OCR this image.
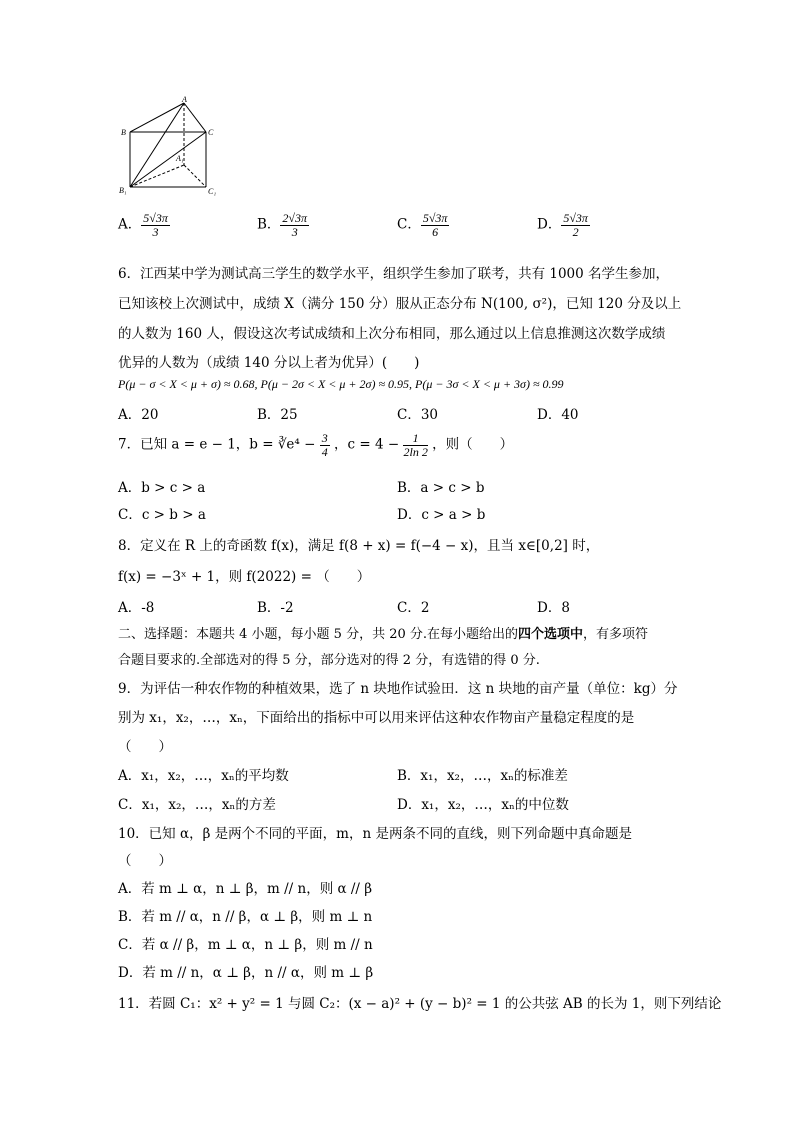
A
B	C
B₁
A₁
C₁
A． $\frac{5√3\pi}{3}$	B． $\frac{2√3\pi}{3}$	C． $\frac{5√3\pi}{6}$	D． $\frac{5√3\pi}{2}$
6．江西某中学为测试高三学生的数学水平，组织学生参加了联考，共有 1000 名学生参加，
已知该校上次测试中，成绩 X（满分 150 分）服从正态分布 N(100, σ²)，已知 120 分及以上
的人数为 160 人，假设这次考试成绩和上次分布相同，那么通过以上信息推测这次数学成绩
优异的人数为（成绩 140 分以上者为优异）(　　)
P(μ − σ < X < μ + σ) ≈ 0.68, P(μ − 2σ < X < μ + 2σ) ≈ 0.95, P(μ − 3σ < X < μ + 3σ) ≈ 0.99
A．20	B．25	C．30	D．40
7．已知 a = e − 1，b = ∛e⁴ − $\frac{3}{4}$ ，$c = 4 - \frac{1}{2\ln 2}$ ，则（　　）
A．b > c > a	B．a > c > b
C．c > b > a	D．c > a > b
8．定义在 R 上的奇函数 f(x)，满足 f(8 + x) = f(−4 − x)，且当 x∈[0,2] 时，
f(x) = −3ˣ + 1，则 f(2022) = （　　）
A．-8	B．-2	C．2	D．8
二、选择题：本题共 4 小题，每小题 5 分，共 20 分.在每小题给出的四个选项中，有多项符
合题目要求的.全部选对的得 5 分，部分选对的得 2 分，有选错的得 0 分.
9．为评估一种农作物的种植效果，选了 n 块地作试验田．这 n 块地的亩产量（单位：kg）分
别为 x₁，x₂，…，xₙ，下面给出的指标中可以用来评估这种农作物亩产量稳定程度的是
（　　）
A．x₁，x₂，…，xₙ的平均数	B．x₁，x₂，…，xₙ的标准差
C．x₁，x₂，…，xₙ的方差	D．x₁，x₂，…，xₙ的中位数
10．已知 α，β 是两个不同的平面，m，n 是两条不同的直线，则下列命题中真命题是
（　　）
A．若 m ⊥ α，n ⊥ β，m // n，则 α // β
B．若 m // α，n // β，α ⊥ β，则 m ⊥ n
C．若 α // β，m ⊥ α，n ⊥ β，则 m // n
D．若 m // n，α ⊥ β，n // α，则 m ⊥ β
11．若圆 C₁：x² + y² = 1 与圆 C₂：(x − a)² + (y − b)² = 1 的公共弦 AB 的长为 1，则下列结论
